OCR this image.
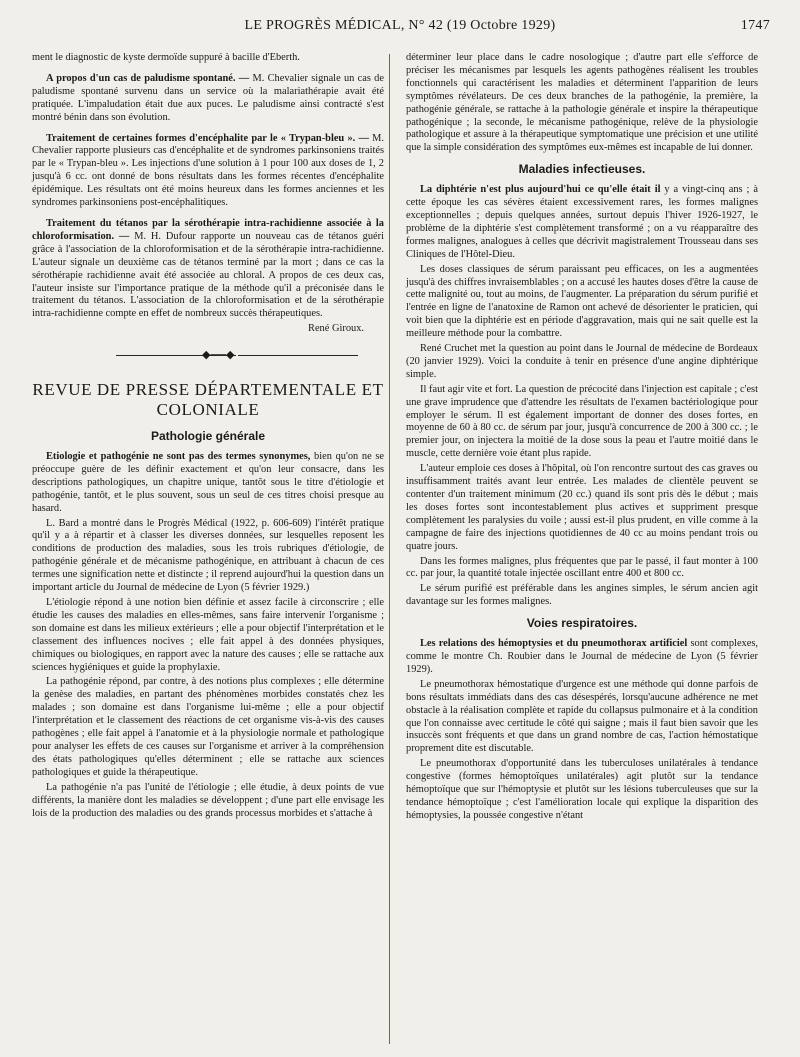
LE PROGRÈS MÉDICAL, N° 42 (19 Octobre 1929)	1747

ment le diagnostic de kyste dermoïde suppuré à bacille d'Eberth.

A propos d'un cas de paludisme spontané. — M. Chevalier signale un cas de paludisme spontané survenu dans un service où la malariathérapie avait été pratiquée. L'impaludation était due aux puces. Le paludisme ainsi contracté s'est montré bénin dans son évolution.

Traitement de certaines formes d'encéphalite par le « Trypan-bleu ». — M. Chevalier rapporte plusieurs cas d'encéphalite et de syndromes parkinsoniens traités par le « Trypan-bleu ». Les injections d'une solution à 1 pour 100 aux doses de 1, 2 jusqu'à 6 cc. ont donné de bons résultats dans les formes récentes d'encéphalite épidémique. Les résultats ont été moins heureux dans les formes anciennes et les syndromes parkinsoniens post-encéphalitiques.

Traitement du tétanos par la sérothérapie intra-rachidienne associée à la chloroformisation. — M. H. Dufour rapporte un nouveau cas de tétanos guéri grâce à l'association de la chloroformisation et de la sérothérapie intra-rachidienne. L'auteur signale un deuxième cas de tétanos terminé par la mort ; dans ce cas la sérothérapie rachidienne avait été associée au chloral. A propos de ces deux cas, l'auteur insiste sur l'importance pratique de la méthode qu'il a préconisée dans le traitement du tétanos. L'association de la chloroformisation et de la sérothérapie intra-rachidienne compte en effet de nombreux succès thérapeutiques.

René Giroux.

◆──◆
REVUE DE PRESSE DÉPARTEMENTALE ET COLONIALE
Pathologie générale

Etiologie et pathogénie ne sont pas des termes synonymes, bien qu'on ne se préoccupe guère de les définir exactement et qu'on leur consacre, dans les descriptions pathologiques, un chapitre unique, tantôt sous le titre d'étiologie et pathogénie, tantôt, et le plus souvent, sous un seul de ces titres choisi presque au hasard.

L. Bard a montré dans le Progrès Médical (1922, p. 606-609) l'intérêt pratique qu'il y a à répartir et à classer les diverses données, sur lesquelles reposent les conditions de production des maladies, sous les trois rubriques d'étiologie, de pathogénie générale et de mécanisme pathogénique, en attribuant à chacun de ces termes une signification nette et distincte ; il reprend aujourd'hui la question dans un important article du Journal de médecine de Lyon (5 février 1929.)

L'étiologie répond à une notion bien définie et assez facile à circonscrire ; elle étudie les causes des maladies en elles-mêmes, sans faire intervenir l'organisme ; son domaine est dans les milieux extérieurs ; elle a pour objectif l'interprétation et le classement des influences nocives ; elle fait appel à des données physiques, chimiques ou biologiques, en rapport avec la nature des causes ; elle se rattache aux sciences hygiéniques et guide la prophylaxie.

La pathogénie répond, par contre, à des notions plus complexes ; elle détermine la genèse des maladies, en partant des phénomènes morbides constatés chez les malades ; son domaine est dans l'organisme lui-même ; elle a pour objectif l'interprétation et le classement des réactions de cet organisme vis-à-vis des causes pathogènes ; elle fait appel à l'anatomie et à la physiologie normale et pathologique pour analyser les effets de ces causes sur l'organisme et arriver à la compréhension des états pathologiques qu'elles déterminent ; elle se rattache aux sciences pathologiques et guide la thérapeutique.

La pathogénie n'a pas l'unité de l'étiologie ; elle étudie, à deux points de vue différents, la manière dont les maladies se développent ; d'une part elle envisage les lois de la production des maladies ou des grands processus morbides et s'attache à

déterminer leur place dans le cadre nosologique ; d'autre part elle s'efforce de préciser les mécanismes par lesquels les agents pathogènes réalisent les troubles fonctionnels qui caractérisent les maladies et déterminent l'apparition de leurs symptômes révélateurs. De ces deux branches de la pathogénie, la première, la pathogénie générale, se rattache à la pathologie générale et inspire la thérapeutique pathogénique ; la seconde, le mécanisme pathogénique, relève de la physiologie pathologique et assure à la thérapeutique symptomatique une précision et une utilité que la simple considération des symptômes eux-mêmes est incapable de lui donner.

Maladies infectieuses.

La diphtérie n'est plus aujourd'hui ce qu'elle était il y a vingt-cinq ans ; à cette époque les cas sévères étaient excessivement rares, les formes malignes exceptionnelles ; depuis quelques années, surtout depuis l'hiver 1926-1927, le problème de la diphtérie s'est complètement transformé ; on a vu réapparaître des formes malignes, analogues à celles que décrivit magistralement Trousseau dans ses Cliniques de l'Hôtel-Dieu.

Les doses classiques de sérum paraissant peu efficaces, on les a augmentées jusqu'à des chiffres invraisemblables ; on a accusé les hautes doses d'être la cause de cette malignité ou, tout au moins, de l'augmenter. La préparation du sérum purifié et l'entrée en ligne de l'anatoxine de Ramon ont achevé de désorienter le praticien, qui voit bien que la diphtérie est en période d'aggravation, mais qui ne sait quelle est la meilleure méthode pour la combattre.

René Cruchet met la question au point dans le Journal de médecine de Bordeaux (20 janvier 1929). Voici la conduite à tenir en présence d'une angine diphtérique simple.

Il faut agir vite et fort. La question de précocité dans l'injection est capitale ; c'est une grave imprudence que d'attendre les résultats de l'examen bactériologique pour employer le sérum. Il est également important de donner des doses fortes, en moyenne de 60 à 80 cc. de sérum par jour, jusqu'à concurrence de 200 à 300 cc. ; le premier jour, on injectera la moitié de la dose sous la peau et l'autre moitié dans le muscle, cette dernière voie étant plus rapide.

L'auteur emploie ces doses à l'hôpital, où l'on rencontre surtout des cas graves ou insuffisamment traités avant leur entrée. Les malades de clientèle peuvent se contenter d'un traitement minimum (20 cc.) quand ils sont pris dès le début ; mais les doses fortes sont incontestablement plus actives et suppriment presque complètement les paralysies du voile ; aussi est-il plus prudent, en ville comme à la campagne de faire des injections quotidiennes de 40 cc au moins pendant trois ou quatre jours.

Dans les formes malignes, plus fréquentes que par le passé, il faut monter à 100 cc. par jour, la quantité totale injectée oscillant entre 400 et 800 cc.

Le sérum purifié est préférable dans les angines simples, le sérum ancien agit davantage sur les formes malignes.

Voies respiratoires.

Les relations des hémoptysies et du pneumothorax artificiel sont complexes, comme le montre Ch. Roubier dans le Journal de médecine de Lyon (5 février 1929).

Le pneumothorax hémostatique d'urgence est une méthode qui donne parfois de bons résultats immédiats dans des cas désespérés, lorsqu'aucune adhérence ne met obstacle à la réalisation complète et rapide du collapsus pulmonaire et à la condition que l'on connaisse avec certitude le côté qui saigne ; mais il faut bien savoir que les insuccès sont fréquents et que dans un grand nombre de cas, l'action hémostatique proprement dite est discutable.

Le pneumothorax d'opportunité dans les tuberculoses unilatérales à tendance congestive (formes hémoptoïques unilatérales) agit plutôt sur la tendance hémoptoïque que sur l'hémoptysie et plutôt sur les lésions tuberculeuses que sur la tendance hémoptoïque ; c'est l'amélioration locale qui explique la disparition des hémoptysies, la poussée congestive n'étant
